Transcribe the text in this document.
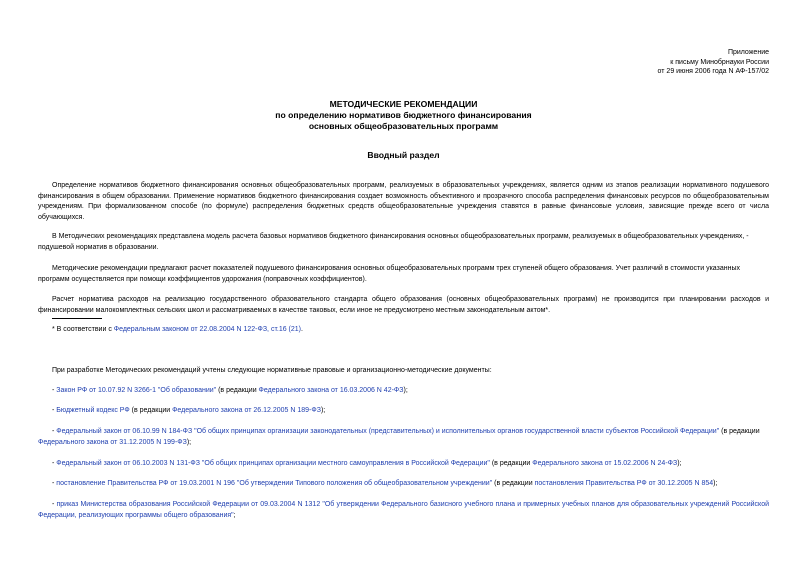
Приложение
к письму Минобрнауки России
от 29 июня 2006 года N АФ-157/02
МЕТОДИЧЕСКИЕ РЕКОМЕНДАЦИИ
по определению нормативов бюджетного финансирования
основных общеобразовательных программ
Вводный раздел
Определение нормативов бюджетного финансирования основных общеобразовательных программ, реализуемых в образовательных учреждениях, является одним из этапов реализации нормативного подушевого финансирования в общем образовании. Применение нормативов бюджетного финансирования создает возможность объективного и прозрачного способа распределения финансовых ресурсов по общеобразовательным учреждениям. При формализованном способе (по формуле) распределения бюджетных средств общеобразовательные учреждения ставятся в равные финансовые условия, зависящие прежде всего от числа обучающихся.
В Методических рекомендациях представлена модель расчета базовых нормативов бюджетного финансирования основных общеобразовательных программ, реализуемых в общеобразовательных учреждениях, - подушевой норматив в образовании.
Методические рекомендации предлагают расчет показателей подушевого финансирования основных общеобразовательных программ трех ступеней общего образования. Учет различий в стоимости указанных программ осуществляется при помощи коэффициентов удорожания (поправочных коэффициентов).
Расчет норматива расходов на реализацию государственного образовательного стандарта общего образования (основных общеобразовательных программ) не производится при планировании расходов и финансировании малокомплектных сельских школ и рассматриваемых в качестве таковых, если иное не предусмотрено местным законодательным актом*.
* В соответствии с Федеральным законом от 22.08.2004 N 122-ФЗ, ст.16 (21).
При разработке Методических рекомендаций учтены следующие нормативные правовые и организационно-методические документы:
- Закон РФ от 10.07.92 N 3266-1 "Об образовании" (в редакции Федерального закона от 16.03.2006 N 42-ФЗ);
- Бюджетный кодекс РФ (в редакции Федерального закона от 26.12.2005 N 189-ФЗ);
- Федеральный закон от 06.10.99 N 184-ФЗ "Об общих принципах организации законодательных (представительных) и исполнительных органов государственной власти субъектов Российской Федерации" (в редакции Федерального закона от 31.12.2005 N 199-ФЗ);
- Федеральный закон от 06.10.2003 N 131-ФЗ "Об общих принципах организации местного самоуправления в Российской Федерации" (в редакции Федерального закона от 15.02.2006 N 24-ФЗ);
- постановление Правительства РФ от 19.03.2001 N 196 "Об утверждении Типового положения об общеобразовательном учреждении" (в редакции постановления Правительства РФ от 30.12.2005 N 854);
- приказ Министерства образования Российской Федерации от 09.03.2004 N 1312 "Об утверждении Федерального базисного учебного плана и примерных учебных планов для образовательных учреждений Российской Федерации, реализующих программы общего образования";
